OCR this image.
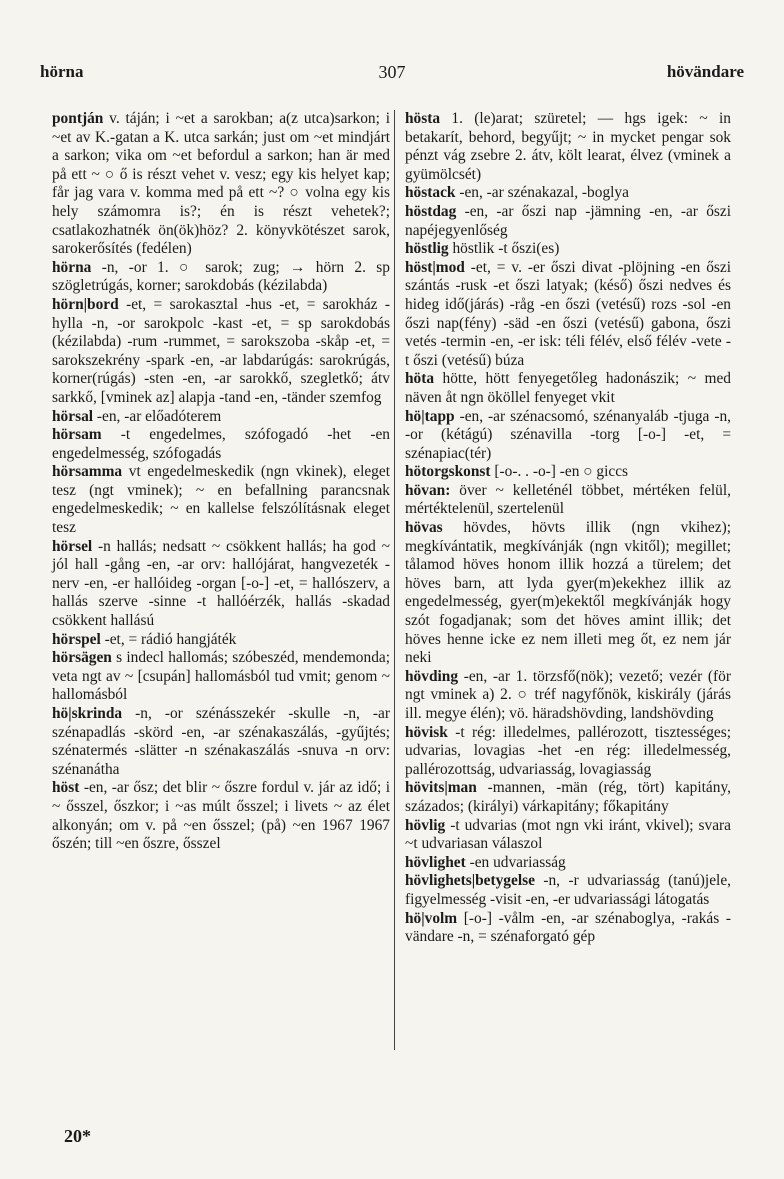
hörna	307	hövändare

pontján v. táján; i ~et a sarokban; a(z utca)sarkon; i ~et av K.-gatan a K. utca sarkán; just om ~et mindjárt a sarkon; vika om ~et befordul a sarkon; han är med på ett ~ ○ ő is részt vehet v. vesz; egy kis helyet kap; får jag vara v. komma med på ett ~? ○ volna egy kis hely számomra is?; én is részt vehetek?; csatlakozhatnék ön(ök)höz? 2. könyvkötészet sarok, sarokerősítés (fedélen)

hörna -n, -or 1. ○ sarok; zug; → hörn 2. sp szögletrúgás, korner; sarokdobás (kézilabda)

hörn|bord -et, = sarokasztal -hus -et, = sarokház -hylla -n, -or sarokpolc -kast -et, = sp sarokdobás (kézilabda) -rum -rummet, = sarokszoba -skåp -et, = sarokszekrény -spark -en, -ar labdarúgás: sarokrúgás, korner(rúgás) -sten -en, -ar sarokkő, szegletkő; átv sarkkő, [vminek az] alapja -tand -en, -tänder szemfog

hörsal -en, -ar előadóterem

hörsam -t engedelmes, szófogadó -het -en engedelmesség, szófogadás

hörsamma vt engedelmeskedik (ngn vkinek), eleget tesz (ngt vminek); ~ en befallning parancsnak engedelmeskedik; ~ en kallelse felszólításnak eleget tesz

hörsel -n hallás; nedsatt ~ csökkent hallás; ha god ~ jól hall -gång -en, -ar orv: hallójárat, hangvezeték -nerv -en, -er hallóideg -organ [-o-] -et, = hallószerv, a hallás szerve -sinne -t hallóérzék, hallás -skadad csökkent hallású

hörspel -et, = rádió hangjáték

hörsägen s indecl hallomás; szóbeszéd, mendemonda; veta ngt av ~ [csupán] hallomásból tud vmit; genom ~ hallomásból

hö|skrinda -n, -or szénásszekér -skulle -n, -ar szénapadlás -skörd -en, -ar szénakaszálás, -gyűjtés; szénatermés -slätter -n szénakaszálás -snuva -n orv: szénanátha

höst -en, -ar ősz; det blir ~ őszre fordul v. jár az idő; i ~ ősszel, őszkor; i ~as múlt ősszel; i livets ~ az élet alkonyán; om v. på ~en ősszel; (på) ~en 1967 1967 őszén; till ~en őszre, ősszel

hösta 1. (le)arat; szüretel; — hgs igek: ~ in betakarít, behord, begyűjt; ~ in mycket pengar sok pénzt vág zsebre 2. átv, költ learat, élvez (vminek a gyümölcsét)

höstack -en, -ar szénakazal, -boglya

höstdag -en, -ar őszi nap -jämning -en, -ar őszi napéjegyenlőség

höstlig höstlik -t őszi(es)

höst|mod -et, = v. -er őszi divat -plöjning -en őszi szántás -rusk -et őszi latyak; (késő) őszi nedves és hideg idő(járás) -råg -en őszi (vetésű) rozs -sol -en őszi nap(fény) -säd -en őszi (vetésű) gabona, őszi vetés -termin -en, -er isk: téli félév, első félév -vete -t őszi (vetésű) búza

höta hötte, hött fenyegetőleg hadonászik; ~ med näven åt ngn ököllel fenyeget vkit

hö|tapp -en, -ar szénacsomó, szénanyaláb -tjuga -n, -or (kétágú) szénavilla -torg [-o-] -et, = szénapiac(tér)

hötorgskonst [-o-. . -o-] -en ○ giccs

hövan: över ~ kelleténél többet, mértéken felül, mértéktelenül, szertelenül

hövas hövdes, hövts illik (ngn vkihez); megkívántatik, megkívánják (ngn vkitől); megillet; tålamod höves honom illik hozzá a türelem; det höves barn, att lyda gyer(m)ekekhez illik az engedelmesség, gyer(m)ekektől megkívánják hogy szót fogadjanak; som det höves amint illik; det höves henne icke ez nem illeti meg őt, ez nem jár neki

hövding -en, -ar 1. törzsfő(nök); vezető; vezér (för ngt vminek a) 2. ○ tréf nagyfőnök, kiskirály (járás ill. megye élén); vö. häradshövding, landshövding

hövisk -t rég: illedelmes, pallérozott, tisztességes; udvarias, lovagias -het -en rég: illedelmesség, pallérozottság, udvariasság, lovagiasság

hövits|man -mannen, -män (rég, tört) kapitány, százados; (királyi) várkapitány; főkapitány

hövlig -t udvarias (mot ngn vki iránt, vkivel); svara ~t udvariasan válaszol

hövlighet -en udvariasság

hövlighets|betygelse -n, -r udvariasság (tanú)jele, figyelmesség -visit -en, -er udvariassági látogatás

hö|volm [-o-] -vålm -en, -ar szénaboglya, -rakás -vändare -n, = szénaforgató gép

20*
